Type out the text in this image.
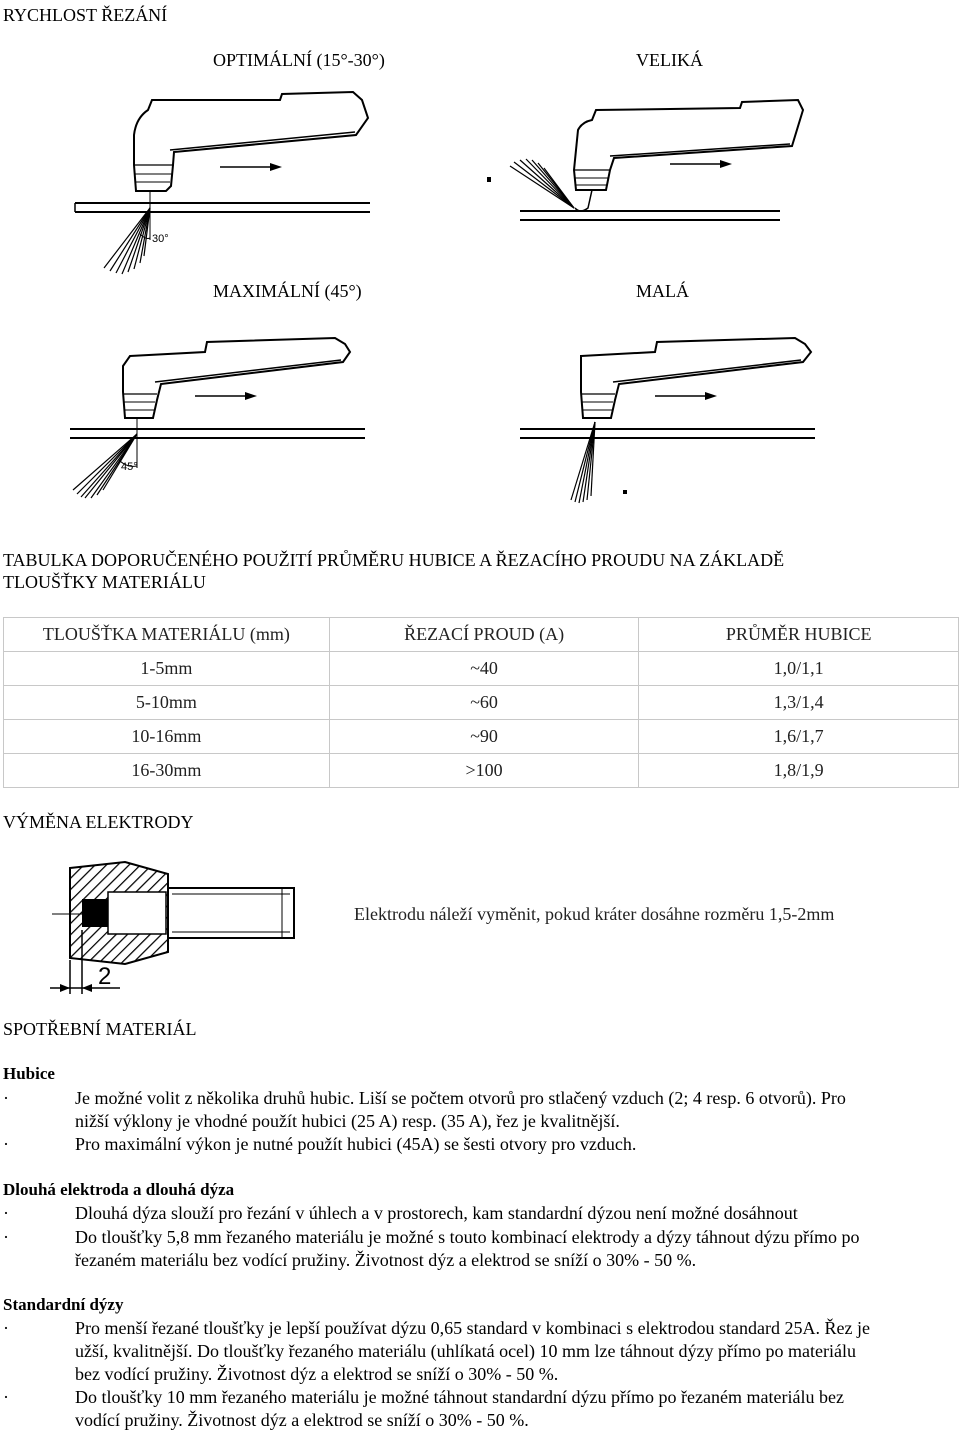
RYCHLOST ŘEZÁNÍ
OPTIMÁLNÍ (15°-30°)	VELIKÁ
MAXIMÁLNÍ (45°)	MALÁ
30°
45°
TABULKA DOPORUČENÉHO POUŽITÍ PRŮMĚRU HUBICE A ŘEZACÍHO PROUDU NA ZÁKLADĚ
TLOUŠŤKY MATERIÁLU
TLOUŠŤKA MATERIÁLU (mm)	ŘEZACÍ PROUD (A)	PRŮMĚR HUBICE
1-5mm	~40	1,0/1,1
5-10mm	~60	1,3/1,4
10-16mm	~90	1,6/1,7
16-30mm	>100	1,8/1,9
VÝMĚNA ELEKTRODY
2
Elektrodu náleží vyměnit, pokud kráter dosáhne rozměru 1,5-2mm
SPOTŘEBNÍ MATERIÁL
Hubice
·	Je možné volit z několika druhů hubic. Liší se počtem otvorů pro stlačený vzduch (2; 4 resp. 6 otvorů). Pro
nižší výklony je vhodné použít hubici (25 A) resp. (35 A), řez je kvalitnější.
·	Pro maximální výkon je nutné použít hubici (45A) se šesti otvory pro vzduch.
Dlouhá elektroda a dlouhá dýza
·	Dlouhá dýza slouží pro řezání v úhlech a v prostorech, kam standardní dýzou není možné dosáhnout
·	Do tloušťky 5,8 mm řezaného materiálu je možné s touto kombinací elektrody a dýzy táhnout dýzu přímo po
řezaném materiálu bez vodící pružiny. Životnost dýz a elektrod se sníží o 30% - 50 %.
Standardní dýzy
·	Pro menší řezané tloušťky je lepší používat dýzu 0,65 standard v kombinaci s elektrodou standard 25A. Řez je
užší, kvalitnější. Do tloušťky řezaného materiálu (uhlíkatá ocel) 10 mm lze táhnout dýzy přímo po materiálu
bez vodící pružiny. Životnost dýz a elektrod se sníží o 30% - 50 %.
·	Do tloušťky 10 mm řezaného materiálu je možné táhnout standardní dýzu přímo po řezaném materiálu bez
vodící pružiny. Životnost dýz a elektrod se sníží o 30% - 50 %.
